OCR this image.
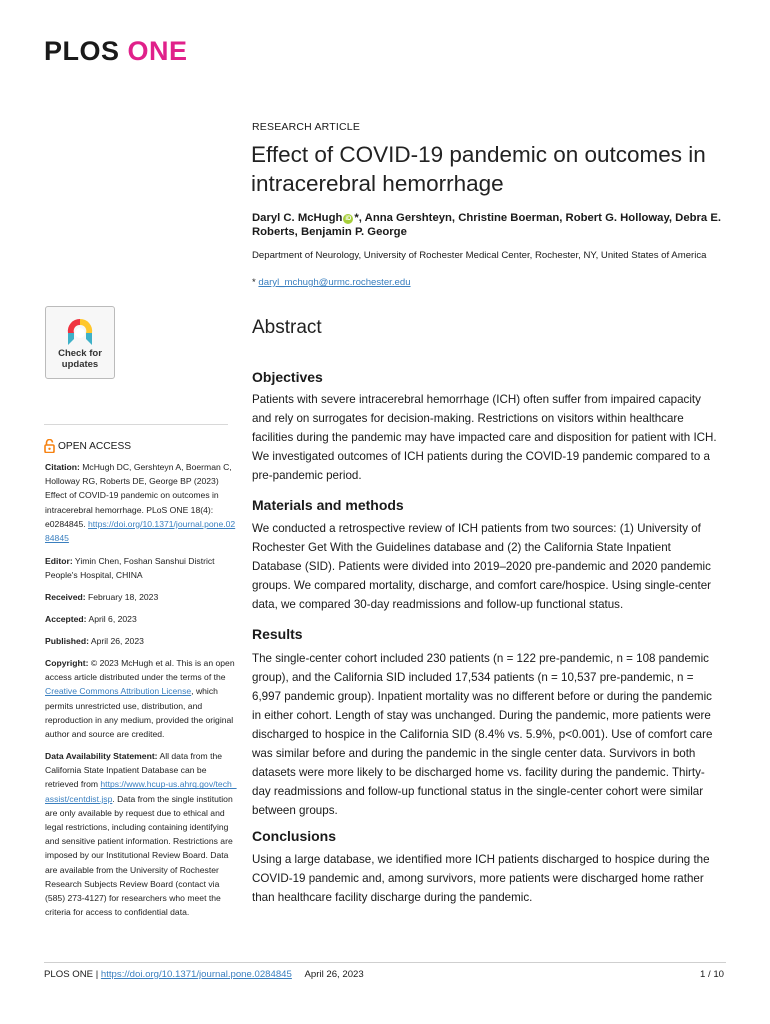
PLOS ONE
RESEARCH ARTICLE
Effect of COVID-19 pandemic on outcomes in intracerebral hemorrhage
Daryl C. McHugh iD *, Anna Gershteyn, Christine Boerman, Robert G. Holloway, Debra E. Roberts, Benjamin P. George
Department of Neurology, University of Rochester Medical Center, Rochester, NY, United States of America
* daryl_mchugh@urmc.rochester.edu
Abstract
Objectives
Patients with severe intracerebral hemorrhage (ICH) often suffer from impaired capacity and rely on surrogates for decision-making. Restrictions on visitors within healthcare facilities during the pandemic may have impacted care and disposition for patient with ICH. We investigated outcomes of ICH patients during the COVID-19 pandemic compared to a pre-pandemic period.
Materials and methods
We conducted a retrospective review of ICH patients from two sources: (1) University of Rochester Get With the Guidelines database and (2) the California State Inpatient Database (SID). Patients were divided into 2019–2020 pre-pandemic and 2020 pandemic groups. We compared mortality, discharge, and comfort care/hospice. Using single-center data, we compared 30-day readmissions and follow-up functional status.
Results
The single-center cohort included 230 patients (n = 122 pre-pandemic, n = 108 pandemic group), and the California SID included 17,534 patients (n = 10,537 pre-pandemic, n = 6,997 pandemic group). Inpatient mortality was no different before or during the pandemic in either cohort. Length of stay was unchanged. During the pandemic, more patients were discharged to hospice in the California SID (8.4% vs. 5.9%, p<0.001). Use of comfort care was similar before and during the pandemic in the single center data. Survivors in both datasets were more likely to be discharged home vs. facility during the pandemic. Thirty-day readmissions and follow-up functional status in the single-center cohort were similar between groups.
Conclusions
Using a large database, we identified more ICH patients discharged to hospice during the COVID-19 pandemic and, among survivors, more patients were discharged home rather than healthcare facility discharge during the pandemic.
Check for
updates
OPEN ACCESS
Citation: McHugh DC, Gershteyn A, Boerman C, Holloway RG, Roberts DE, George BP (2023) Effect of COVID-19 pandemic on outcomes in intracerebral hemorrhage. PLoS ONE 18(4): e0284845. https://doi.org/10.1371/journal.pone.0284845
Editor: Yimin Chen, Foshan Sanshui District People's Hospital, CHINA
Received: February 18, 2023
Accepted: April 6, 2023
Published: April 26, 2023
Copyright: © 2023 McHugh et al. This is an open access article distributed under the terms of the Creative Commons Attribution License, which permits unrestricted use, distribution, and reproduction in any medium, provided the original author and source are credited.
Data Availability Statement: All data from the California State Inpatient Database can be retrieved from https://www.hcup-us.ahrq.gov/tech_assist/centdist.jsp. Data from the single institution are only available by request due to ethical and legal restrictions, including containing identifying and sensitive patient information. Restrictions are imposed by our Institutional Review Board. Data are available from the University of Rochester Research Subjects Review Board (contact via (585) 273-4127) for researchers who meet the criteria for access to confidential data.
PLOS ONE | https://doi.org/10.1371/journal.pone.0284845 April 26, 2023	1 / 10
